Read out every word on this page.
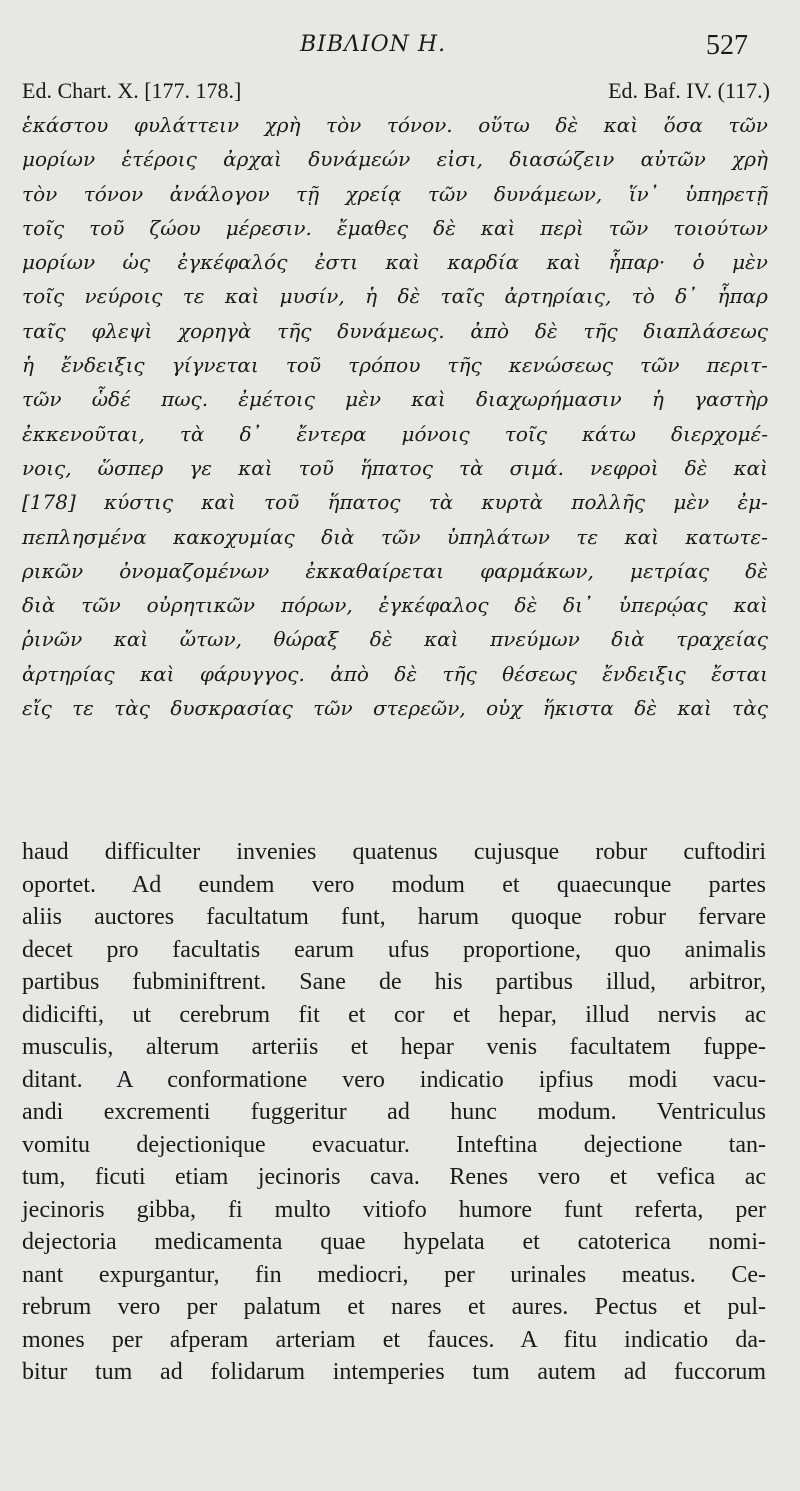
ΒΙΒΛΙΟΝ Η.	527
Ed. Chart. X. [177. 178.]	Ed. Baf. IV. (117.)
ἑκάστου φυλάττειν χρὴ τὸν τόνον. οὕτω δὲ καὶ ὅσα τῶν
μορίων ἑτέροις ἀρχαὶ δυνάμεών εἰσι, διασώζειν αὐτῶν χρὴ
τὸν τόνον ἀνάλογον τῇ χρείᾳ τῶν δυνάμεων, ἵν᾽ ὑπηρετῇ
τοῖς τοῦ ζώου μέρεσιν. ἔμαθες δὲ καὶ περὶ τῶν τοιούτων
μορίων ὡς ἐγκέφαλός ἐστι καὶ καρδία καὶ ἧπαρ· ὁ μὲν
τοῖς νεύροις τε καὶ μυσίν, ἡ δὲ ταῖς ἀρτηρίαις, τὸ δ᾽ ἧπαρ
ταῖς φλεψὶ χορηγὰ τῆς δυνάμεως. ἀπὸ δὲ τῆς διαπλάσεως
ἡ ἔνδειξις γίγνεται τοῦ τρόπου τῆς κενώσεως τῶν περιτ-
τῶν ὧδέ πως. ἐμέτοις μὲν καὶ διαχωρήμασιν ἡ γαστὴρ
ἐκκενοῦται, τὰ δ᾽ ἔντερα μόνοις τοῖς κάτω διερχομέ-
νοις, ὥσπερ γε καὶ τοῦ ἥπατος τὰ σιμά. νεφροὶ δὲ καὶ
[178] κύστις καὶ τοῦ ἥπατος τὰ κυρτὰ πολλῆς μὲν ἐμ-
πεπλησμένα κακοχυμίας διὰ τῶν ὑπηλάτων τε καὶ κατωτε-
ρικῶν ὀνομαζομένων ἐκκαθαίρεται φαρμάκων, μετρίας δὲ
διὰ τῶν οὐρητικῶν πόρων, ἐγκέφαλος δὲ δι᾽ ὑπερῴας καὶ
ῥινῶν καὶ ὤτων, θώραξ δὲ καὶ πνεύμων διὰ τραχείας
ἀρτηρίας καὶ φάρυγγος. ἀπὸ δὲ τῆς θέσεως ἔνδειξις ἔσται
εἴς τε τὰς δυσκρασίας τῶν στερεῶν, οὐχ ἥκιστα δὲ καὶ τὰς
haud difficulter invenies quatenus cujusque robur cuftodiri
oportet. Ad eundem vero modum et quaecunque partes
aliis auctores facultatum funt, harum quoque robur fervare
decet pro facultatis earum ufus proportione, quo animalis
partibus fubminiftrent. Sane de his partibus illud, arbitror,
didicifti, ut cerebrum fit et cor et hepar, illud nervis ac
musculis, alterum arteriis et hepar venis facultatem fuppe-
ditant. A conformatione vero indicatio ipfius modi vacu-
andi excrementi fuggeritur ad hunc modum. Ventriculus
vomitu dejectionique evacuatur. Inteftina dejectione tan-
tum, ficuti etiam jecinoris cava. Renes vero et vefica ac
jecinoris gibba, fi multo vitiofo humore funt referta, per
dejectoria medicamenta quae hypelata et catoterica nomi-
nant expurgantur, fin mediocri, per urinales meatus. Ce-
rebrum vero per palatum et nares et aures. Pectus et pul-
mones per afperam arteriam et fauces. A fitu indicatio da-
bitur tum ad folidarum intemperies tum autem ad fuccorum
